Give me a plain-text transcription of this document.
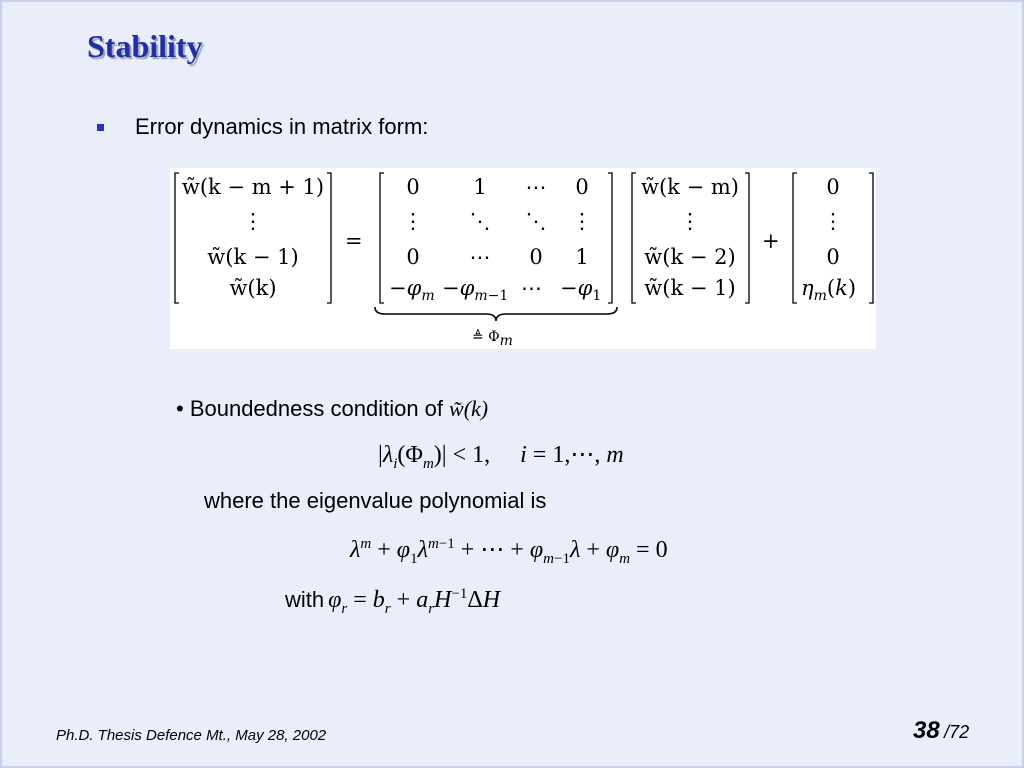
Stability
Error dynamics in matrix form:
w̃(k − m + 1)
⋮
w̃(k − 1)
w̃(k)
=
0	1 ⋯ 0
⋮ ⋱ ⋱ ⋮
0 ⋯ 0 1
−φm −φm−1 ⋯ −φ1
≜ Φm
w̃(k − m)
⋮
w̃(k − 2)
w̃(k − 1)
+
0
⋮
0
ηm(k)
• Boundedness condition of w̃(k)
$|\lambda_i(\Phi_m)| < 1$,     i = 1,⋯, m
where the eigenvalue polynomial is
$\lambda^m + \varphi_1\lambda^{m-1}$ + ⋯ + $\varphi_{m-1}\lambda + \varphi_m = 0$
with $\varphi_r = b_r + a_rH^{-1}\Delta H$
Ph.D. Thesis Defence Mt., May 28, 2002	38 /72
